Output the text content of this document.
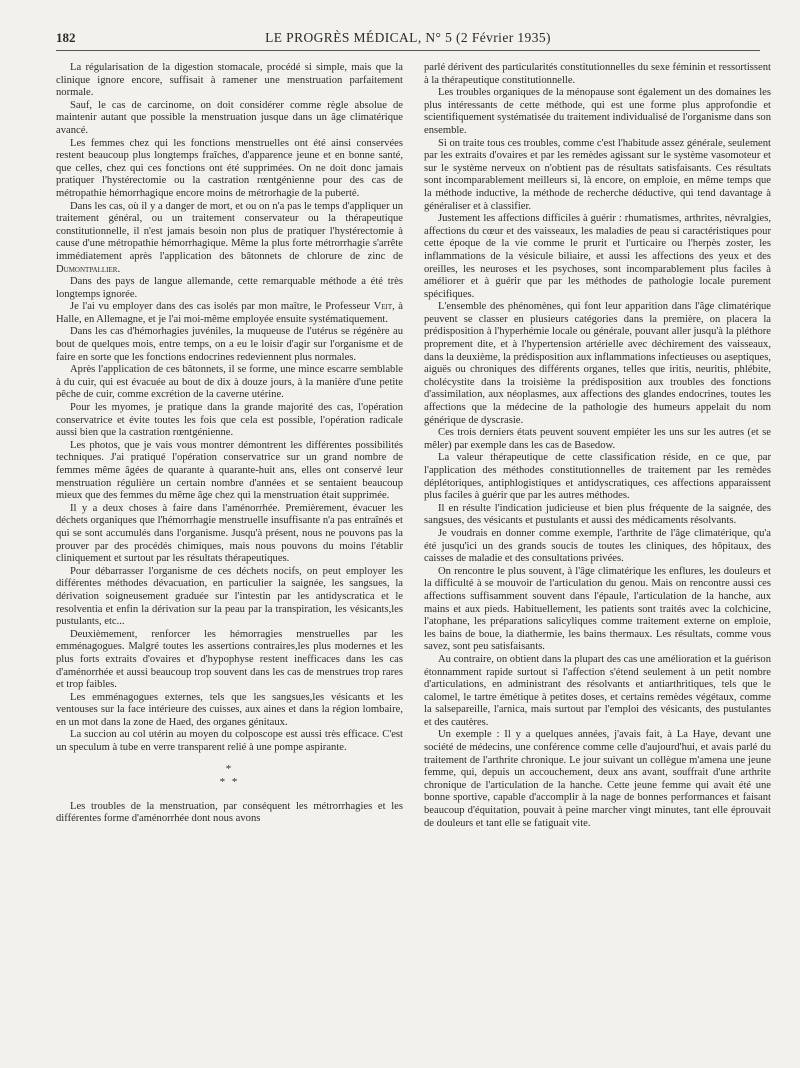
182	LE PROGRÈS MÉDICAL, N° 5 (2 Février 1935)

La régularisation de la digestion stomacale, procédé si simple, mais que la clinique ignore encore, suffisait à ramener une menstruation parfaitement normale.

Sauf, le cas de carcinome, on doit considérer comme règle absolue de maintenir autant que possible la menstruation jusque dans un âge climatérique avancé.

Les femmes chez qui les fonctions menstruelles ont été ainsi conservées restent beaucoup plus longtemps fraîches, d'apparence jeune et en bonne santé, que celles, chez qui ces fonctions ont été supprimées. On ne doit donc jamais pratiquer l'hystérectomie ou la castration rœntgénienne pour des cas de métropathie hémorrhagique encore moins de métrorhagie de la puberté.

Dans les cas, où il y a danger de mort, et ou on n'a pas le temps d'appliquer un traitement général, ou un traitement conservateur ou la thérapeutique constitutionnelle, il n'est jamais besoin non plus de pratiquer l'hystérectomie à cause d'une métropathie hémorrhagique. Même la plus forte métrorrhagie s'arrête immédiatement après l'application des bâtonnets de chlorure de zinc de Dumontpallier.

Dans des pays de langue allemande, cette remarquable méthode a été très longtemps ignorée.

Je l'ai vu employer dans des cas isolés par mon maître, le Professeur Veit, à Halle, en Allemagne, et je l'ai moi-même employée ensuite systématiquement.

Dans les cas d'hémorhagies juvéniles, la muqueuse de l'utérus se régénère au bout de quelques mois, entre temps, on a eu le loisir d'agir sur l'organisme et de faire en sorte que les fonctions endocrines redeviennent plus normales.

Après l'application de ces bâtonnets, il se forme, une mince escarre semblable à du cuir, qui est évacuée au bout de dix à douze jours, à la manière d'une petite pêche de cuir, comme excrétion de la caverne utérine.

Pour les myomes, je pratique dans la grande majorité des cas, l'opération conservatrice et évite toutes les fois que cela est possible, l'opération radicale aussi bien que la castration rœntgénienne.

Les photos, que je vais vous montrer démontrent les différentes possibilités techniques. J'ai pratiqué l'opération conservatrice sur un grand nombre de femmes même âgées de quarante à quarante-huit ans, elles ont conservé leur menstruation régulière un certain nombre d'années et se sentaient beaucoup mieux que des femmes du même âge chez qui la menstruation était supprimée.

Il y a deux choses à faire dans l'aménorrhée. Premièrement, évacuer les déchets organiques que l'hémorrhagie menstruelle insuffisante n'a pas entraînés et qui se sont accumulés dans l'organisme. Jusqu'à présent, nous ne pouvons pas la prouver par des procédés chimiques, mais nous pouvons du moins l'établir cliniquement et surtout par les résultats thérapeutiques.

Pour débarrasser l'organisme de ces déchets nocifs, on peut employer les différentes méthodes dévacuation, en particulier la saignée, les sangsues, la dérivation soigneusement graduée sur l'intestin par les antidyscratica et le resolventia et enfin la dérivation sur la peau par la transpiration, les vésicants,les pustulants, etc...

Deuxièmement, renforcer les hémorragies menstruelles par les emménagogues. Malgré toutes les assertions contraires,les plus modernes et les plus forts extraits d'ovaires et d'hypophyse restent inefficaces dans les cas d'aménorrhée et aussi beaucoup trop souvent dans les cas de menstrues trop rares et trop faibles.

Les emménagogues externes, tels que les sangsues,les vésicants et les ventouses sur la face intérieure des cuisses, aux aines et dans la région lombaire, en un mot dans la zone de Haed, des organes génitaux.

La succion au col utérin au moyen du colposcope est aussi très efficace. C'est un speculum à tube en verre transparent relié à une pompe aspirante.

*
* *

Les troubles de la menstruation, par conséquent les métrorrhagies et les différentes forme d'aménorrhée dont nous avons

parlé dérivent des particularités constitutionnelles du sexe féminin et ressortissent à la thérapeutique constitutionnelle.

Les troubles organiques de la ménopause sont également un des domaines les plus intéressants de cette méthode, qui est une forme plus approfondie et scientifiquement systématisée du traitement individualisé de l'organisme dans son ensemble.

Si on traite tous ces troubles, comme c'est l'habitude assez générale, seulement par les extraits d'ovaires et par les remèdes agissant sur le système vasomoteur et sur le système nerveux on n'obtient pas de résultats satisfaisants. Ces résultats sont incomparablement meilleurs si, là encore, on emploie, en même temps que la méthode inductive, la méthode de recherche déductive, qui tend davantage à généraliser et à classifier.

Justement les affections difficiles à guérir : rhumatismes, arthrites, névralgies, affections du cœur et des vaisseaux, les maladies de peau si caractéristiques pour cette époque de la vie comme le prurit et l'urticaire ou l'herpès zoster, les inflammations de la vésicule biliaire, et aussi les affections des yeux et des oreilles, les neuroses et les psychoses, sont incomparablement plus faciles à améliorer et à guérir que par les méthodes de pathologie locale purement spécifiques.

L'ensemble des phénomènes, qui font leur apparition dans l'âge climatérique peuvent se classer en plusieurs catégories dans la première, on placera la prédisposition à l'hyperhémie locale ou générale, pouvant aller jusqu'à la pléthore proprement dite, et à l'hypertension artérielle avec déchirement des vaisseaux, dans la deuxième, la prédisposition aux inflammations infectieuses ou aseptiques, aiguës ou chroniques des différents organes, telles que iritis, neuritis, phlébite, cholécystite dans la troisième la prédisposition aux troubles des fonctions d'assimilation, aux néoplasmes, aux affections des glandes endocrines, toutes les affections que la médecine de la pathologie des humeurs appelait du nom générique de dyscrasie.

Ces trois derniers états peuvent souvent empiéter les uns sur les autres (et se mêler) par exemple dans les cas de Basedow.

La valeur thérapeutique de cette classification réside, en ce que, par l'application des méthodes constitutionnelles de traitement par les remèdes déplétoriques, antiphlogistiques et antidyscratiques, ces affections apparaissent plus faciles à guérir que par les autres méthodes.

Il en résulte l'indication judicieuse et bien plus fréquente de la saignée, des sangsues, des vésicants et pustulants et aussi des médicaments résolvants.

Je voudrais en donner comme exemple, l'arthrite de l'âge climatérique, qu'a été jusqu'ici un des grands soucis de toutes les cliniques, des hôpitaux, des caisses de maladie et des consultations privées.

On rencontre le plus souvent, à l'âge climatérique les enflures, les douleurs et la difficulté à se mouvoir de l'articulation du genou. Mais on rencontre aussi ces affections suffisamment souvent dans l'épaule, l'articulation de la hanche, aux mains et aux pieds. Habituellement, les patients sont traités avec la colchicine, l'atophane, les préparations salicyliques comme traitement externe on emploie, les bains de boue, la diathermie, les bains thermaux. Les résultats, comme vous savez, sont peu satisfaisants.

Au contraire, on obtient dans la plupart des cas une amélioration et la guérison étonnamment rapide surtout si l'affection s'étend seulement à un petit nombre d'articulations, en administrant des résolvants et antiarthritiques, tels que le calomel, le tartre émétique à petites doses, et certains remèdes végétaux, comme la salsepareille, l'arnica, mais surtout par l'emploi des vésicants, des pustulantes et des cautères.

Un exemple : Il y a quelques années, j'avais fait, à La Haye, devant une société de médecins, une conférence comme celle d'aujourd'hui, et avais parlé du traitement de l'arthrite chronique. Le jour suivant un collègue m'amena une jeune femme, qui, depuis un accouchement, deux ans avant, souffrait d'une arthrite chronique de l'articulation de la hanche. Cette jeune femme qui avait été une bonne sportive, capable d'accomplir à la nage de bonnes performances et faisant beaucoup d'équitation, pouvait à peine marcher vingt minutes, tant elle éprouvait de douleurs et tant elle se fatiguait vite.
